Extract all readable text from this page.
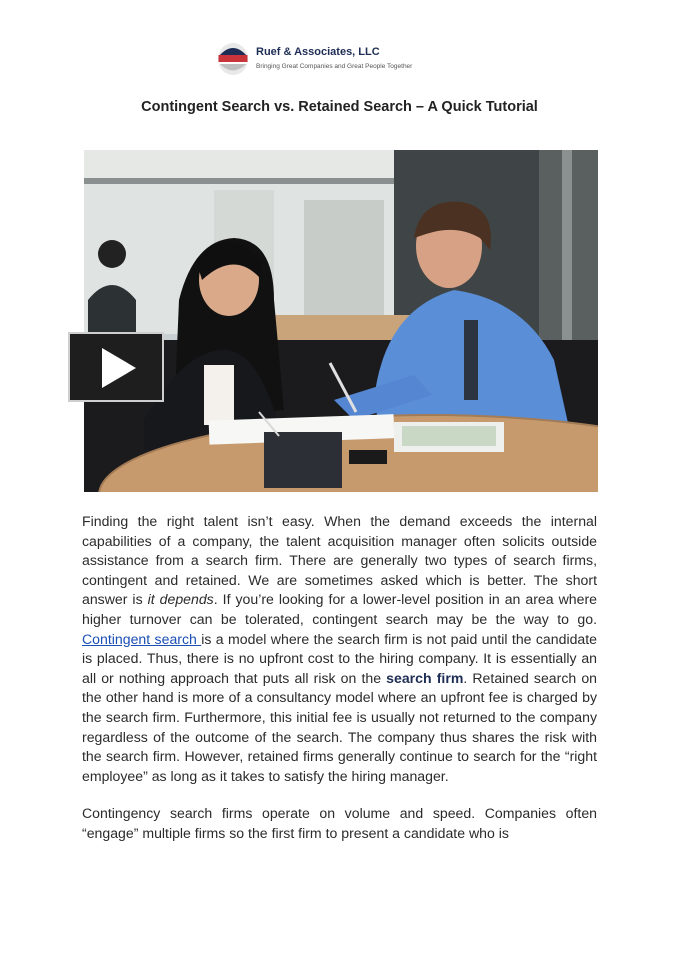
Ruef & Associates, LLC
Bringing Great Companies and Great People Together
Contingent Search vs. Retained Search – A Quick Tutorial

Finding the right talent isn’t easy. When the demand exceeds the internal capabilities of a company, the talent acquisition manager often solicits outside assistance from a search firm. There are generally two types of search firms, contingent and retained. We are sometimes asked which is better. The short answer is it depends. If you’re looking for a lower-level position in an area where higher turnover can be tolerated, contingent search may be the way to go. Contingent search is a model where the search firm is not paid until the candidate is placed. Thus, there is no upfront cost to the hiring company. It is essentially an all or nothing approach that puts all risk on the search firm. Retained search on the other hand is more of a consultancy model where an upfront fee is charged by the search firm. Furthermore, this initial fee is usually not returned to the company regardless of the outcome of the search. The company thus shares the risk with the search firm. However, retained firms generally continue to search for the “right employee” as long as it takes to satisfy the hiring manager.

Contingency search firms operate on volume and speed. Companies often “engage” multiple firms so the first firm to present a candidate who is
